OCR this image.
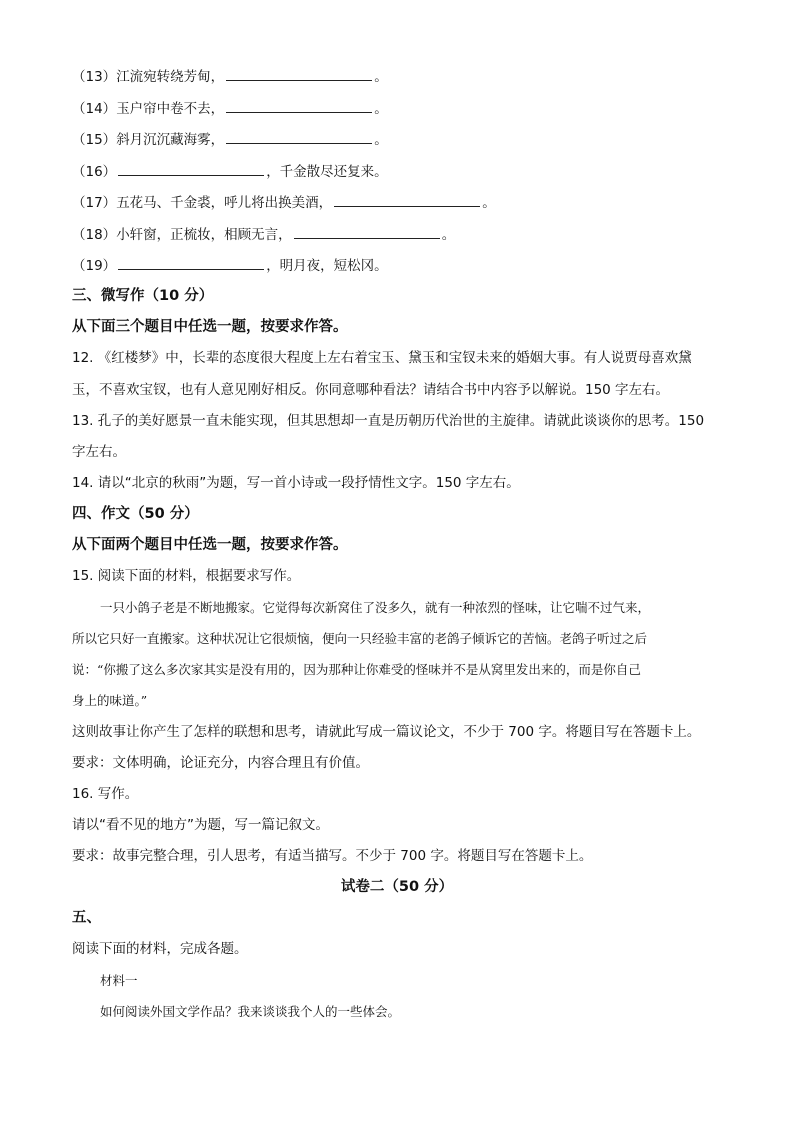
（13）江流宛转绕芳甸，	。
（14）玉户帘中卷不去，	。
（15）斜月沉沉藏海雾，	。
（16）	，千金散尽还复来。
（17）五花马、千金裘，呼儿将出换美酒，	。
（18）小轩窗，正梳妆，相顾无言，	。
（19）	，明月夜，短松冈。
三、微写作（10 分）
从下面三个题目中任选一题，按要求作答。
12. 《红楼梦》中，长辈的态度很大程度上左右着宝玉、黛玉和宝钗未来的婚姻大事。有人说贾母喜欢黛
玉，不喜欢宝钗，也有人意见刚好相反。你同意哪种看法？请结合书中内容予以解说。150 字左右。
13. 孔子的美好愿景一直未能实现，但其思想却一直是历朝历代治世的主旋律。请就此谈谈你的思考。150
字左右。
14. 请以“北京的秋雨”为题，写一首小诗或一段抒情性文字。150 字左右。
四、作文（50 分）
从下面两个题目中任选一题，按要求作答。
15. 阅读下面的材料，根据要求写作。
一只小鸽子老是不断地搬家。它觉得每次新窝住了没多久，就有一种浓烈的怪味，让它喘不过气来，
所以它只好一直搬家。这种状况让它很烦恼，便向一只经验丰富的老鸽子倾诉它的苦恼。老鸽子听过之后
说：“你搬了这么多次家其实是没有用的，因为那种让你难受的怪味并不是从窝里发出来的，而是你自己
身上的味道。”
这则故事让你产生了怎样的联想和思考，请就此写成一篇议论文，不少于 700 字。将题目写在答题卡上。
要求：文体明确，论证充分，内容合理且有价值。
16. 写作。
请以“看不见的地方”为题，写一篇记叙文。
要求：故事完整合理，引人思考，有适当描写。不少于 700 字。将题目写在答题卡上。
试卷二（50 分）
五、
阅读下面的材料，完成各题。
材料一
如何阅读外国文学作品？我来谈谈我个人的一些体会。
